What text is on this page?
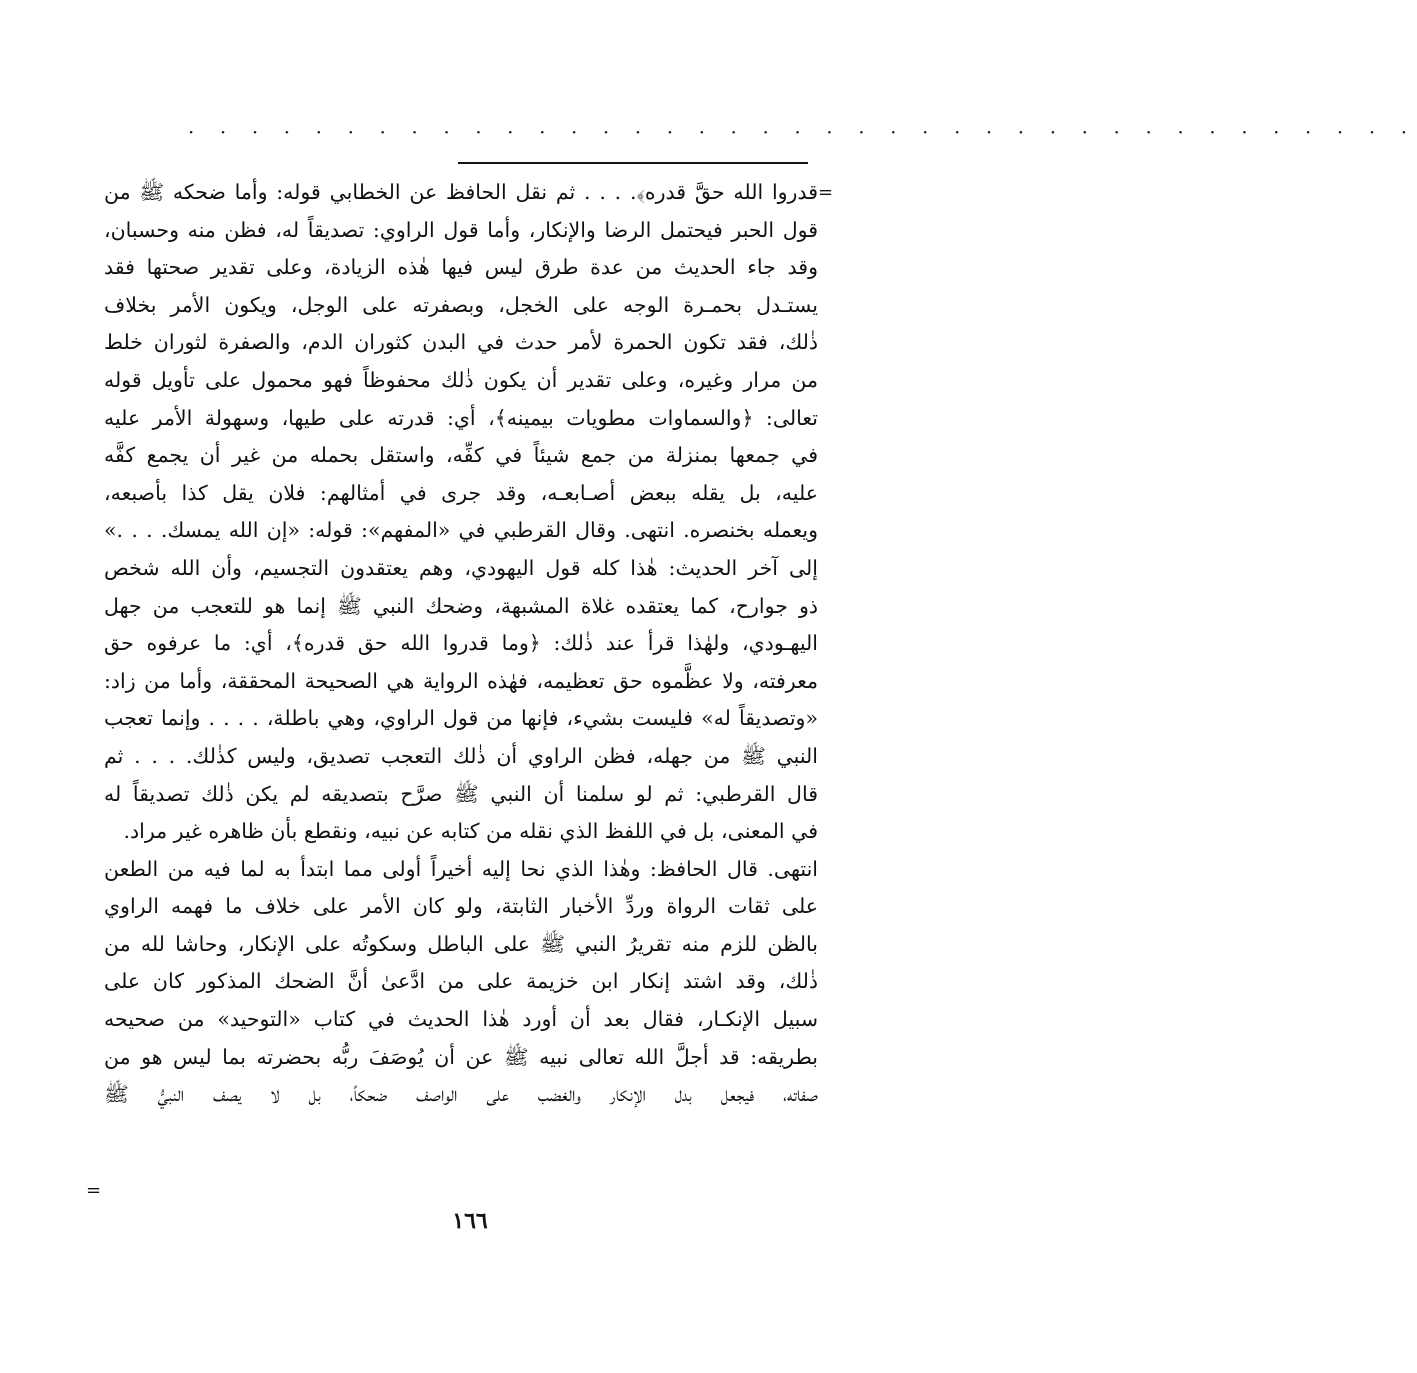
· · · · · · · · · · · · · · · · · · · · · · · · · · · · · · · · · · · · · · ·
=
قدروا الله حقَّ قدره﴾. . . . ثم نقل الحافظ عن الخطابي قوله: وأما ضحكه ﷺ من
قول الحبر فيحتمل الرضا والإنكار، وأما قول الراوي: تصديقاً له، فظن منه وحسبان،
وقد جاء الحديث من عدة طرق ليس فيها هٰذه الزيادة، وعلى تقدير صحتها فقد
يستـدل بحمـرة الوجه على الخجل، وبصفرته على الوجل، ويكون الأمر بخلاف
ذٰلك، فقد تكون الحمرة لأمر حدث في البدن كثوران الدم، والصفرة لثوران خلط
من مرار وغيره، وعلى تقدير أن يكون ذٰلك محفوظاً فهو محمول على تأويل قوله
تعالى: ﴿والسماوات مطويات بيمينه﴾، أي: قدرته على طيها، وسهولة الأمر عليه
في جمعها بمنزلة من جمع شيئاً في كفِّه، واستقل بحمله من غير أن يجمع كفَّه
عليه، بل يقله ببعض أصـابعـه، وقد جرى في أمثالهم: فلان يقل كذا بأصبعه،
ويعمله بخنصره. انتهى. وقال القرطبي في «المفهم»: قوله: «إن الله يمسك. . . .»
إلى آخر الحديث: هٰذا كله قول اليهودي، وهم يعتقدون التجسيم، وأن الله شخص
ذو جوارح، كما يعتقده غلاة المشبهة، وضحك النبي ﷺ إنما هو للتعجب من جهل
اليهـودي، ولهٰذا قرأ عند ذٰلك: ﴿وما قدروا الله حق قدره﴾، أي: ما عرفوه حق
معرفته، ولا عظَّموه حق تعظيمه، فهٰذه الرواية هي الصحيحة المحققة، وأما من زاد:
«وتصديقاً له» فليست بشيء، فإنها من قول الراوي، وهي باطلة، . . . . وإنما تعجب
النبي ﷺ من جهله، فظن الراوي أن ذٰلك التعجب تصديق، وليس كذٰلك. . . . ثم
قال القرطبي: ثم لو سلمنا أن النبي ﷺ صرَّح بتصديقه لم يكن ذٰلك تصديقاً له
في المعنى، بل في اللفظ الذي نقله من كتابه عن نبيه، ونقطع بأن ظاهره غير مراد.
انتهى. قال الحافظ: وهٰذا الذي نحا إليه أخيراً أولى مما ابتدأ به لما فيه من الطعن
على ثقات الرواة وردِّ الأخبار الثابتة، ولو كان الأمر على خلاف ما فهمه الراوي
بالظن للزم منه تقريرُ النبي ﷺ على الباطل وسكوتُه على الإنكار، وحاشا لله من
ذٰلك، وقد اشتد إنكار ابن خزيمة على من ادَّعىٰ أنَّ الضحك المذكور كان على
سبيل الإنكـار، فقال بعد أن أورد هٰذا الحديث في كتاب «التوحيد» من صحيحه
بطريقه: قد أجلَّ الله تعالى نبيه ﷺ عن أن يُوصَفَ ربُّه بحضرته بما ليس هو من
صفاته، فيجعل بدل الإنكار والغضب على الواصف ضحكاً، بل لا يصف النبيُّ ﷺ
=
١٦٦
